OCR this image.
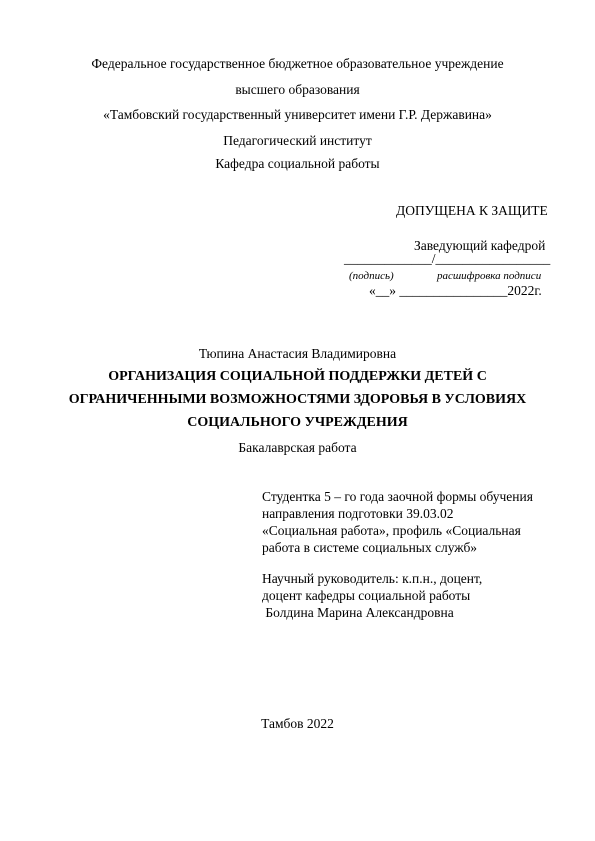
Федеральное государственное бюджетное образовательное учреждение
высшего образования
«Тамбовский государственный университет имени Г.Р. Державина»
Педагогический институт
Кафедра социальной работы
ДОПУЩЕНА К ЗАЩИТЕ
Заведующий кафедрой
_____________/_________________
(подпись)	расшифровка подписи
«__» ________________2022г.
Тюпина Анастасия Владимировна
ОРГАНИЗАЦИЯ СОЦИАЛЬНОЙ ПОДДЕРЖКИ ДЕТЕЙ С
ОГРАНИЧЕННЫМИ ВОЗМОЖНОСТЯМИ ЗДОРОВЬЯ В УСЛОВИЯХ
СОЦИАЛЬНОГО УЧРЕЖДЕНИЯ
Бакалаврская работа
Студентка 5 – го года заочной формы обучения
направления подготовки 39.03.02
«Социальная работа», профиль «Социальная
работа в системе социальных служб»
Научный руководитель: к.п.н., доцент,
доцент кафедры социальной работы
Болдина Марина Александровна
Тамбов 2022
